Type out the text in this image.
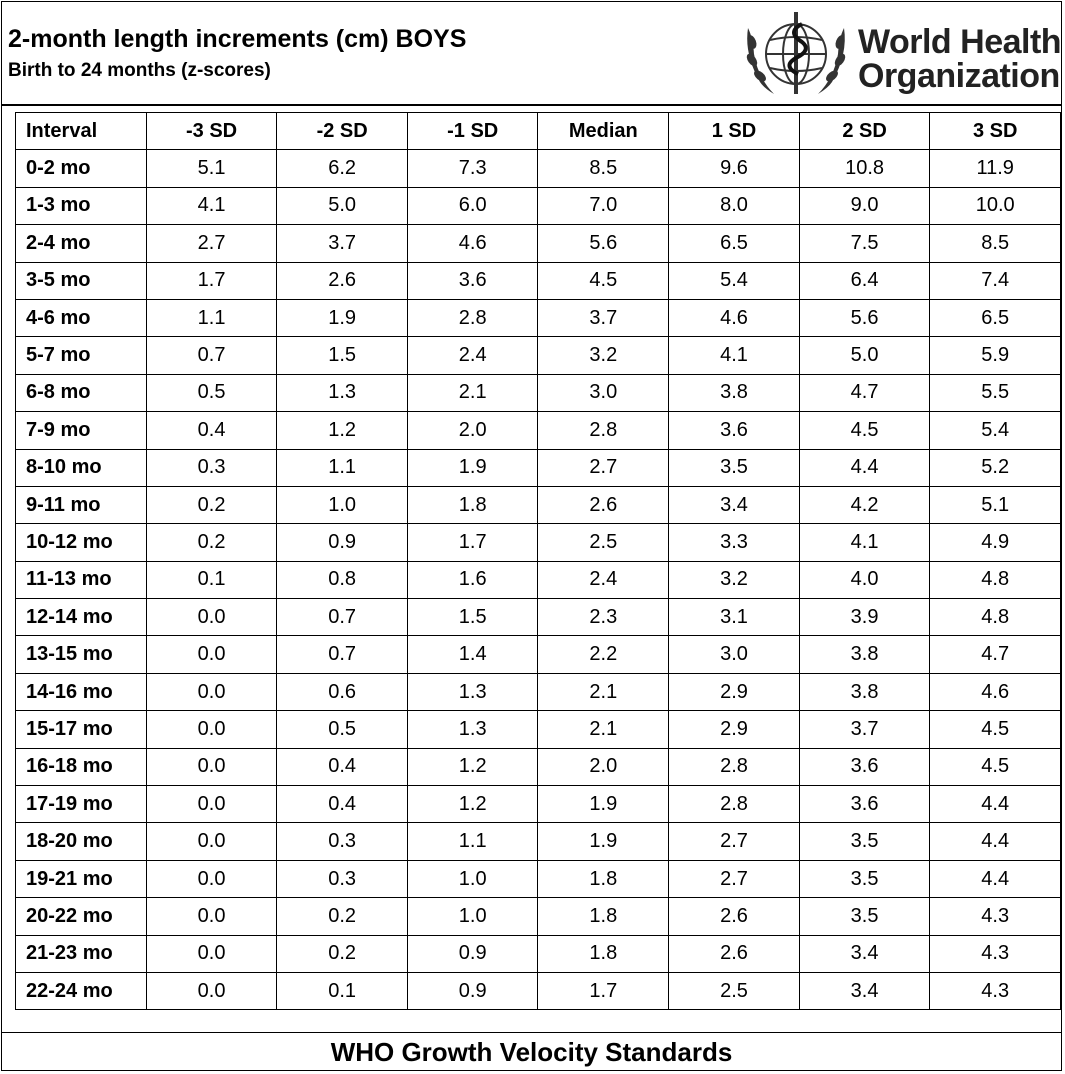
2-month length increments (cm) BOYS
Birth to 24 months (z-scores)
World Health
Organization
Interval	-3 SD	-2 SD	-1 SD	Median	1 SD	2 SD	3 SD
0-2 mo	5.1	6.2	7.3	8.5	9.6	10.8	11.9
1-3 mo	4.1	5.0	6.0	7.0	8.0	9.0	10.0
2-4 mo	2.7	3.7	4.6	5.6	6.5	7.5	8.5
3-5 mo	1.7	2.6	3.6	4.5	5.4	6.4	7.4
4-6 mo	1.1	1.9	2.8	3.7	4.6	5.6	6.5
5-7 mo	0.7	1.5	2.4	3.2	4.1	5.0	5.9
6-8 mo	0.5	1.3	2.1	3.0	3.8	4.7	5.5
7-9 mo	0.4	1.2	2.0	2.8	3.6	4.5	5.4
8-10 mo	0.3	1.1	1.9	2.7	3.5	4.4	5.2
9-11 mo	0.2	1.0	1.8	2.6	3.4	4.2	5.1
10-12 mo	0.2	0.9	1.7	2.5	3.3	4.1	4.9
11-13 mo	0.1	0.8	1.6	2.4	3.2	4.0	4.8
12-14 mo	0.0	0.7	1.5	2.3	3.1	3.9	4.8
13-15 mo	0.0	0.7	1.4	2.2	3.0	3.8	4.7
14-16 mo	0.0	0.6	1.3	2.1	2.9	3.8	4.6
15-17 mo	0.0	0.5	1.3	2.1	2.9	3.7	4.5
16-18 mo	0.0	0.4	1.2	2.0	2.8	3.6	4.5
17-19 mo	0.0	0.4	1.2	1.9	2.8	3.6	4.4
18-20 mo	0.0	0.3	1.1	1.9	2.7	3.5	4.4
19-21 mo	0.0	0.3	1.0	1.8	2.7	3.5	4.4
20-22 mo	0.0	0.2	1.0	1.8	2.6	3.5	4.3
21-23 mo	0.0	0.2	0.9	1.8	2.6	3.4	4.3
22-24 mo	0.0	0.1	0.9	1.7	2.5	3.4	4.3
WHO Growth Velocity Standards
